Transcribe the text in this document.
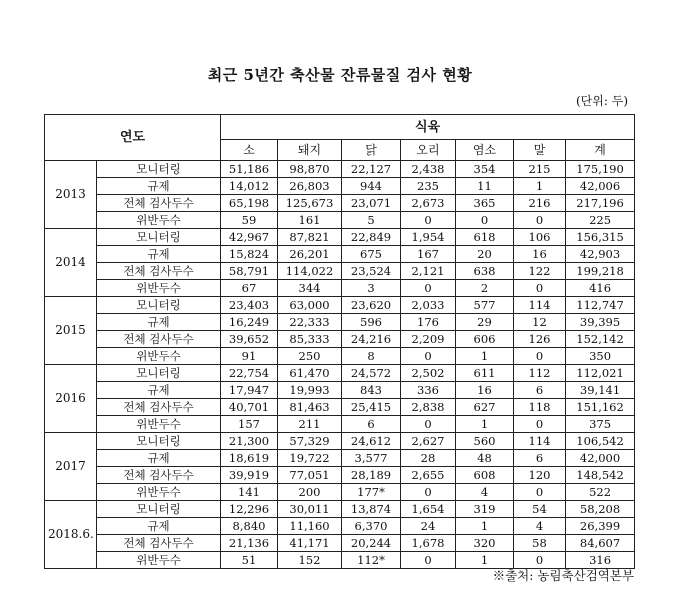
최근 5년간 축산물 잔류물질 검사 현황
(단위: 두)
연도		식육						
		소	돼지	닭	오리	염소	말	계
2013	모니터링	51,186	98,870	22,127	2,438	354	215	175,190
	규제	14,012	26,803	944	235	11	1	42,006
	전체 검사두수	65,198	125,673	23,071	2,673	365	216	217,196
	위반두수	59	161	5	0	0	0	225
2014	모니터링	42,967	87,821	22,849	1,954	618	106	156,315
	규제	15,824	26,201	675	167	20	16	42,903
	전체 검사두수	58,791	114,022	23,524	2,121	638	122	199,218
	위반두수	67	344	3	0	2	0	416
2015	모니터링	23,403	63,000	23,620	2,033	577	114	112,747
	규제	16,249	22,333	596	176	29	12	39,395
	전체 검사두수	39,652	85,333	24,216	2,209	606	126	152,142
	위반두수	91	250	8	0	1	0	350
2016	모니터링	22,754	61,470	24,572	2,502	611	112	112,021
	규제	17,947	19,993	843	336	16	6	39,141
	전체 검사두수	40,701	81,463	25,415	2,838	627	118	151,162
	위반두수	157	211	6	0	1	0	375
2017	모니터링	21,300	57,329	24,612	2,627	560	114	106,542
	규제	18,619	19,722	3,577	28	48	6	42,000
	전체 검사두수	39,919	77,051	28,189	2,655	608	120	148,542
	위반두수	141	200	177*	0	4	0	522
2018.6.	모니터링	12,296	30,011	13,874	1,654	319	54	58,208
	규제	8,840	11,160	6,370	24	1	4	26,399
	전체 검사두수	21,136	41,171	20,244	1,678	320	58	84,607
	위반두수	51	152	112*	0	1	0	316
※출처: 농림축산검역본부
